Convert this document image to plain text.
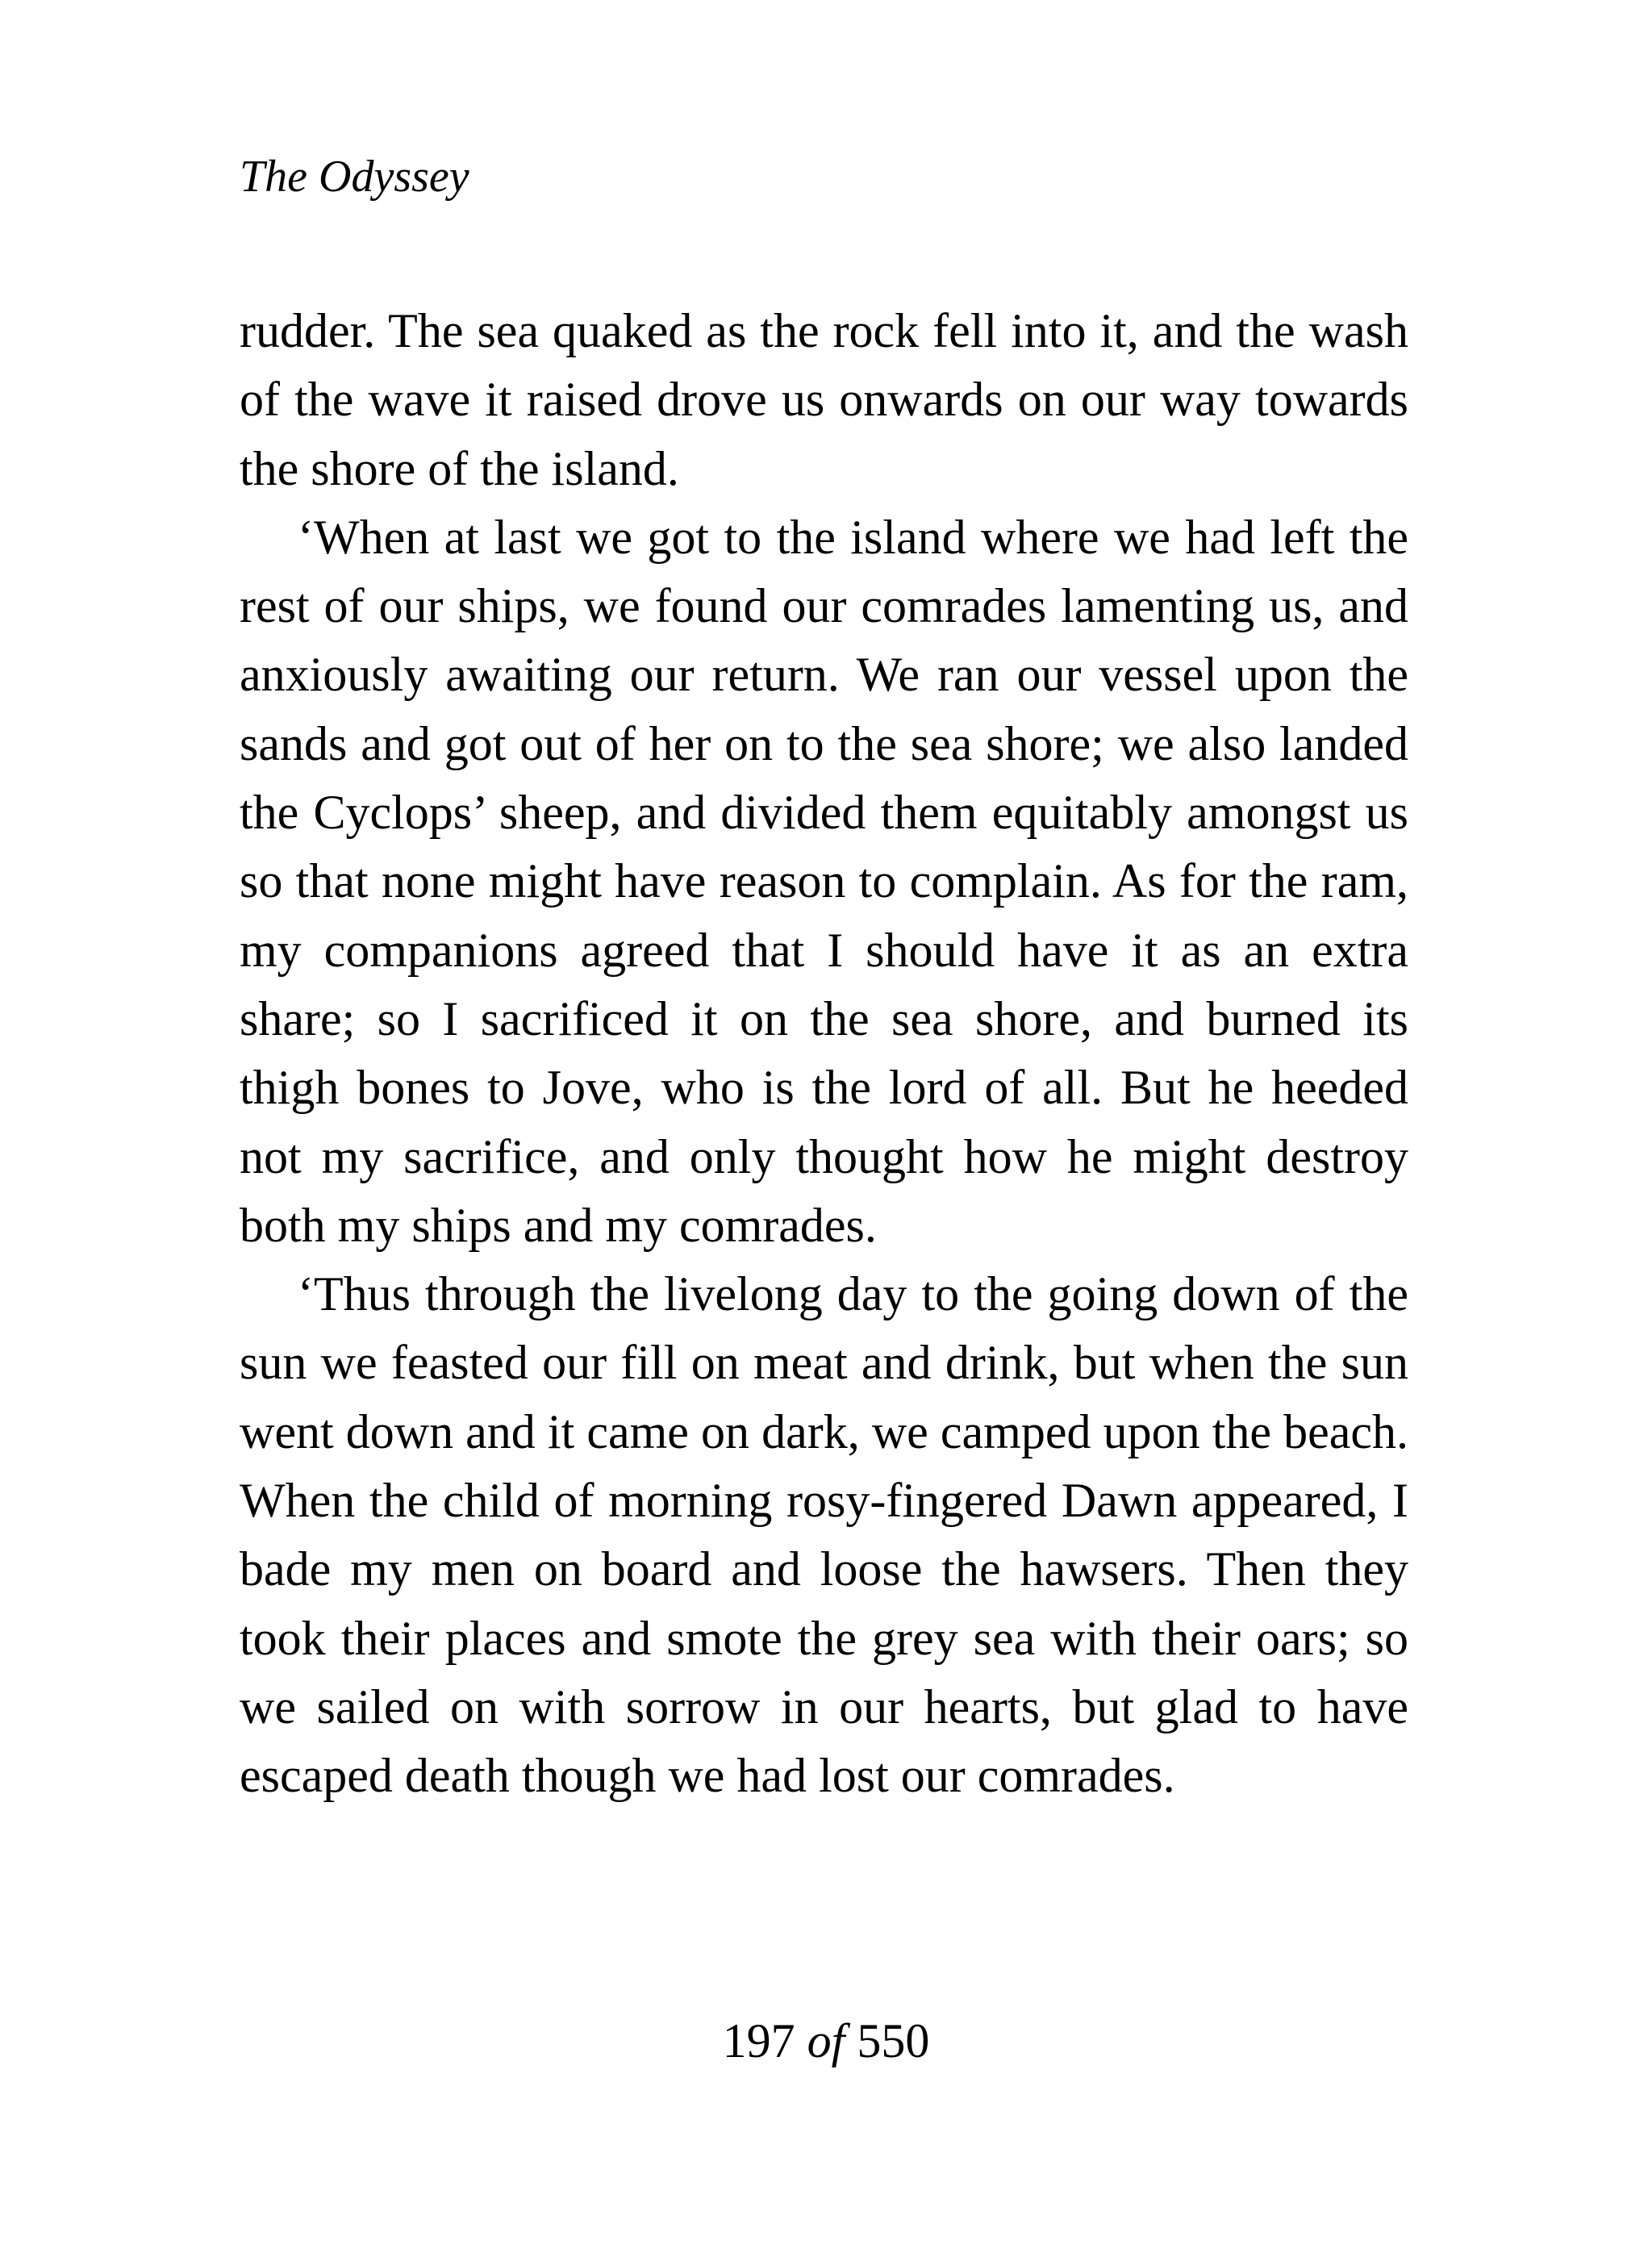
The Odyssey

rudder. The sea quaked as the rock fell into it, and the wash of the wave it raised drove us onwards on our way towards the shore of the island.

‘When at last we got to the island where we had left the rest of our ships, we found our comrades lamenting us, and anxiously awaiting our return. We ran our vessel upon the sands and got out of her on to the sea shore; we also landed the Cyclops’ sheep, and divided them equitably amongst us so that none might have reason to complain. As for the ram, my companions agreed that I should have it as an extra share; so I sacrificed it on the sea shore, and burned its thigh bones to Jove, who is the lord of all. But he heeded not my sacrifice, and only thought how he might destroy both my ships and my comrades.

‘Thus through the livelong day to the going down of the sun we feasted our fill on meat and drink, but when the sun went down and it came on dark, we camped upon the beach. When the child of morning rosy-fingered Dawn appeared, I bade my men on board and loose the hawsers. Then they took their places and smote the grey sea with their oars; so we sailed on with sorrow in our hearts, but glad to have escaped death though we had lost our comrades.

197 of 550
